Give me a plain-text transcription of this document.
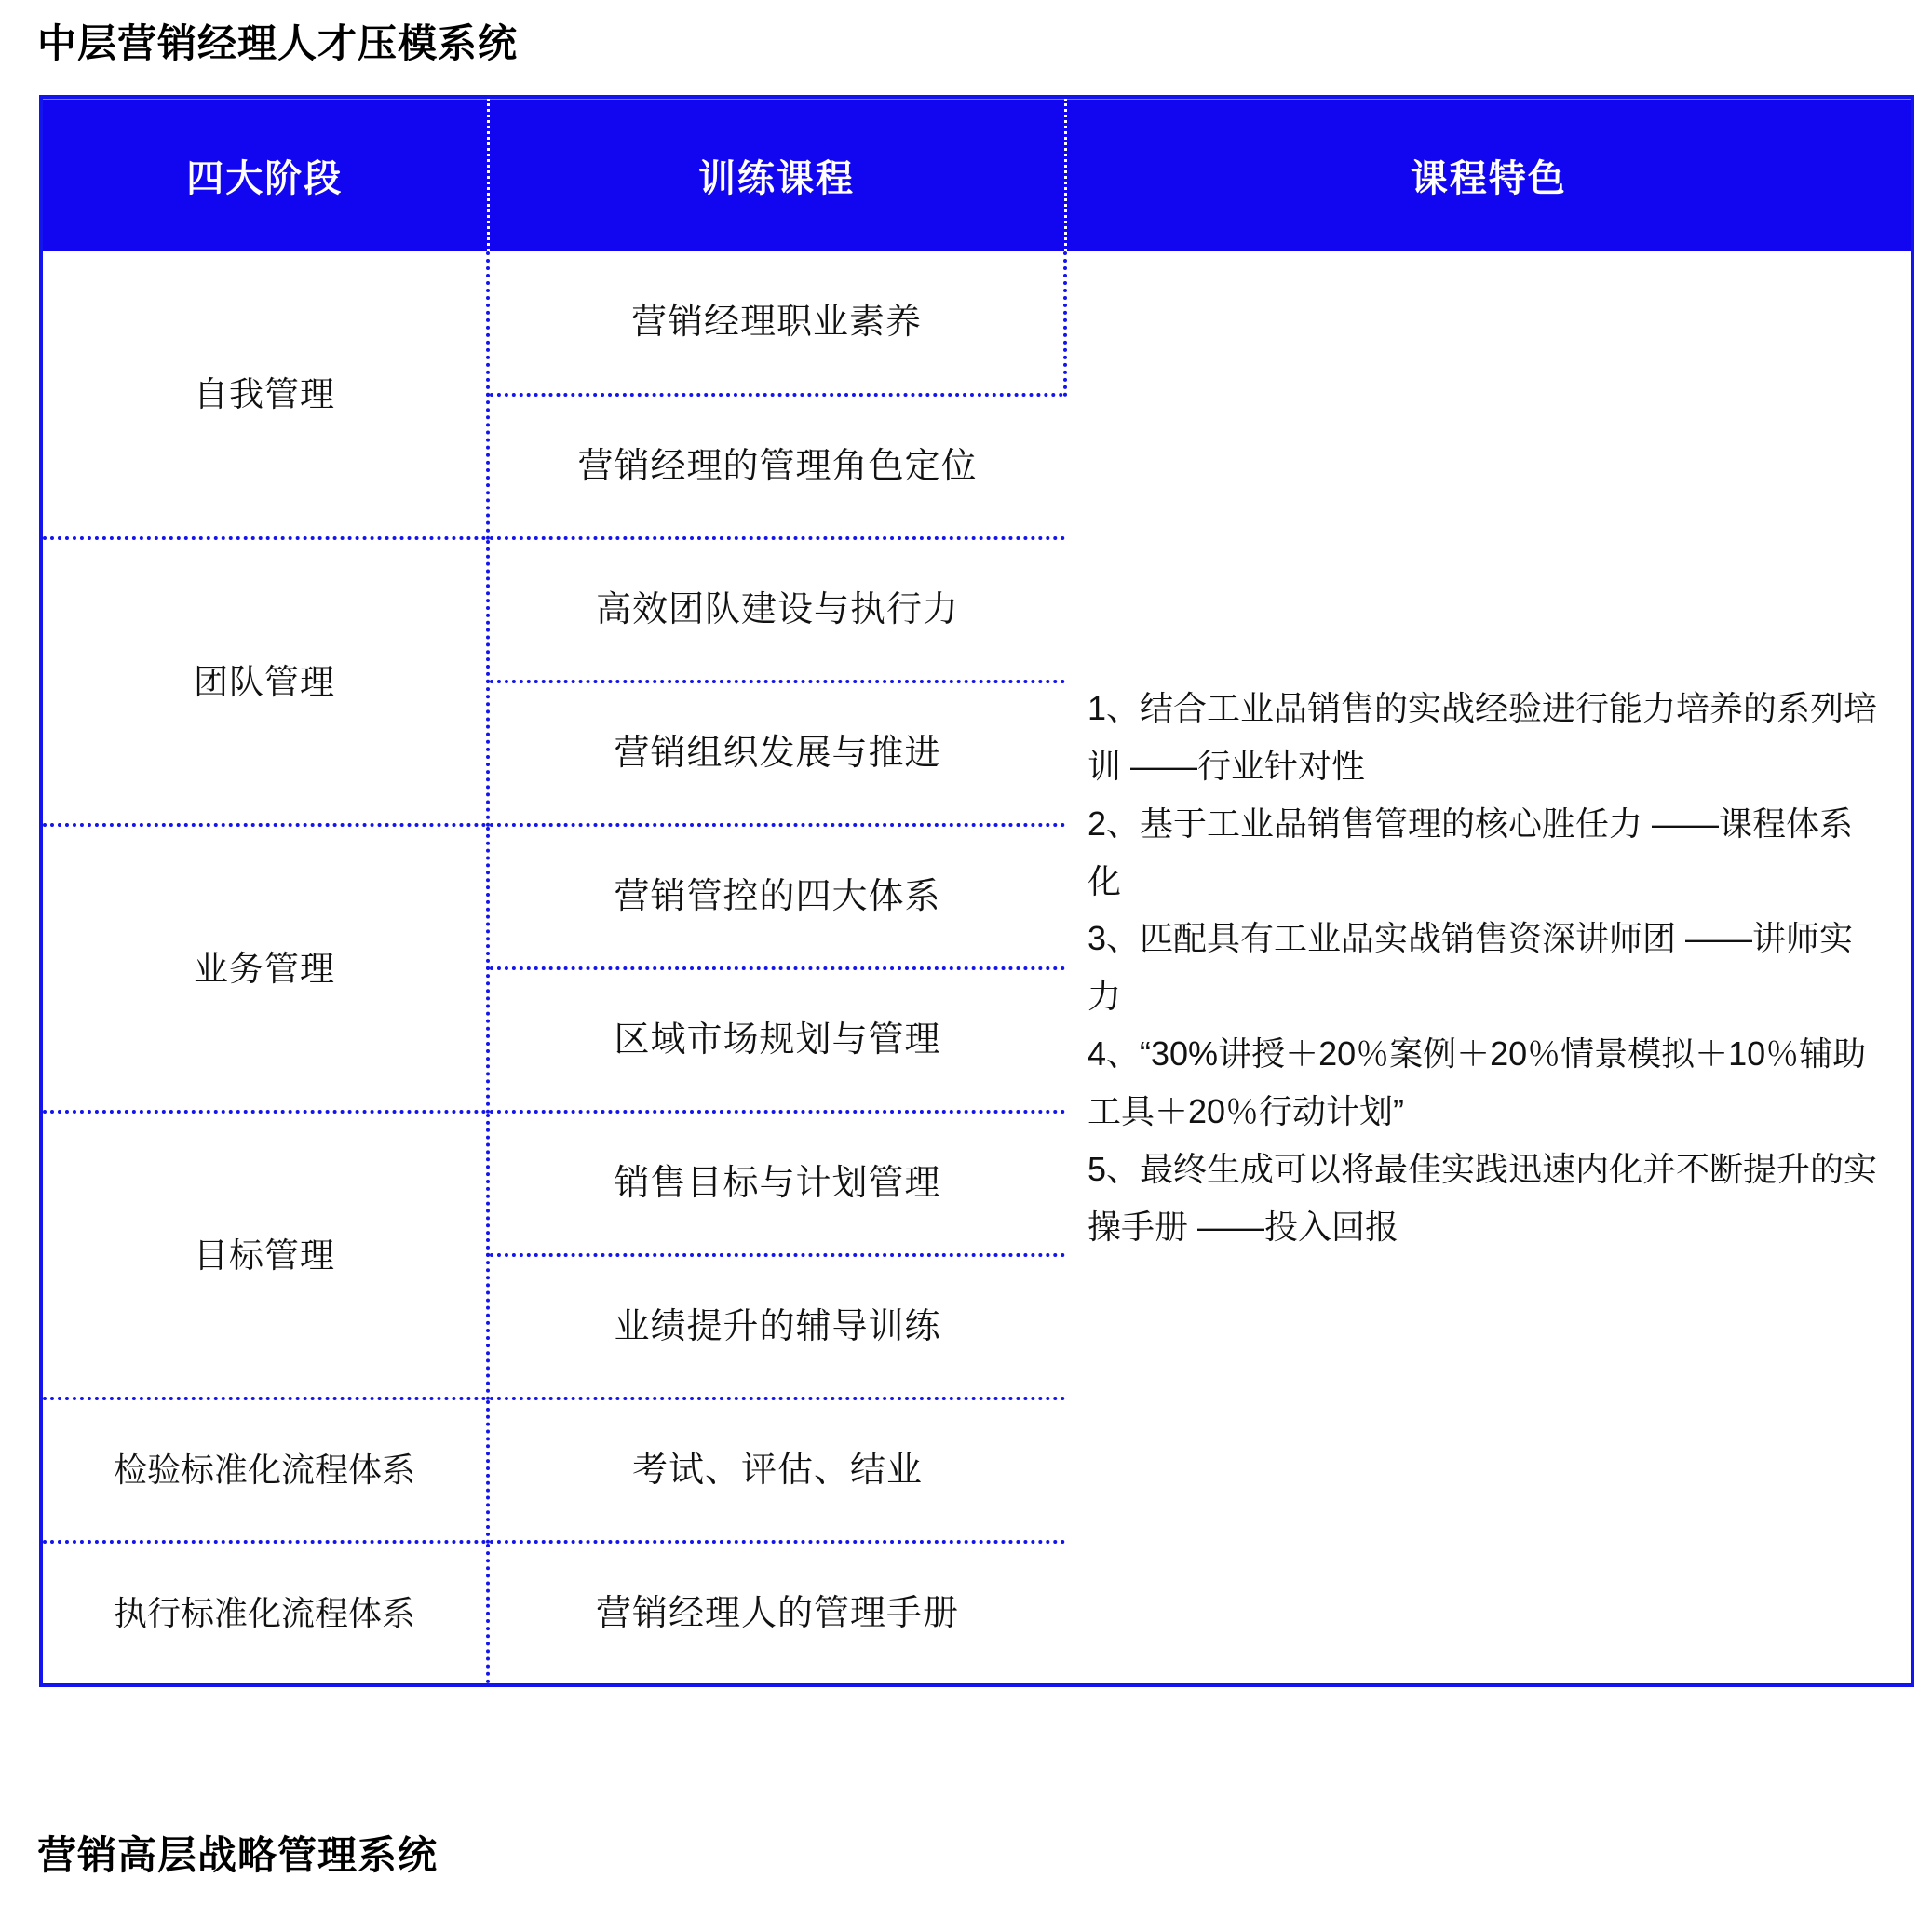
中层营销经理人才压模系统
四大阶段	训练课程	课程特色
自我管理	营销经理职业素养	1、结合工业品销售的实战经验进行能力培养的系列培训 ——行业针对性

2、基于工业品销售管理的核心胜任力 ——课程体系化

3、匹配具有工业品实战销售资深讲师团 ——讲师实力

4、“30%讲授＋20％案例＋20％情景模拟＋10％辅助工具＋20％行动计划”

5、最终生成可以将最佳实践迅速内化并不断提升的实操手册 ——投入回报

	营销经理的管理角色定位	
团队管理	高效团队建设与执行力	
	营销组织发展与推进	
业务管理	营销管控的四大体系	
	区域市场规划与管理	
目标管理	销售目标与计划管理	
	业绩提升的辅导训练	
检验标准化流程体系	考试、评估、结业	
执行标准化流程体系	营销经理人的管理手册	
营销高层战略管理系统
